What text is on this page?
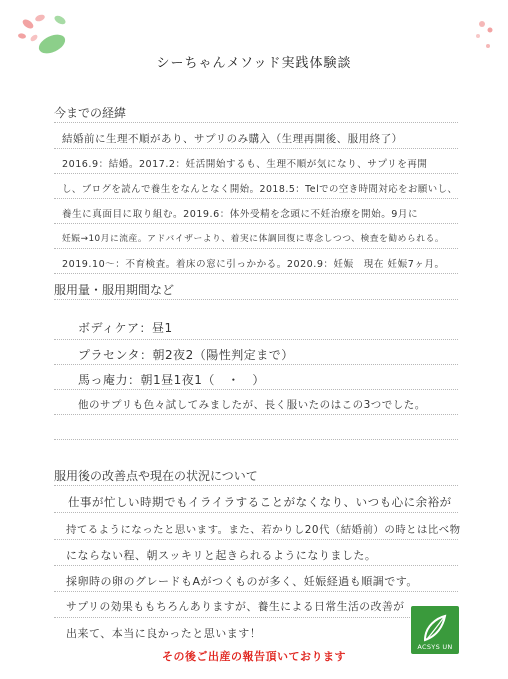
シーちゃんメソッド実践体験談

今までの経緯

結婚前に生理不順があり、サプリのみ購入（生理再開後、服用終了）
2016.9：結婚。2017.2：妊活開始するも、生理不順が気になり、サプリを再開
し、ブログを読んで養生をなんとなく開始。2018.5：Telでの空き時間対応をお願いし、
養生に真面目に取り組む。2019.6：体外受精を念頭に不妊治療を開始。9月に
妊娠→10月に流産。アドバイザーより、着実に体調回復に専念しつつ、検査を勧められる。
2019.10～：不育検査。着床の窓に引っかかる。2020.9：妊娠　現在 妊娠7ヶ月。

服用量・服用期間など

ボディケア：昼1
プラセンタ：朝2夜2（陽性判定まで）
馬っ庵力：朝1昼1夜1（　・　）
他のサプリも色々試してみましたが、長く服いたのはこの3つでした。

服用後の改善点や現在の状況について

仕事が忙しい時期でもイライラすることがなくなり、いつも心に余裕が
持てるようになったと思います。また、若かりし20代（結婚前）の時とは比べ物
にならない程、朝スッキリと起きられるようになりました。
採卵時の卵のグレードもAがつくものが多く、妊娠経過も順調です。
サプリの効果ももちろんありますが、養生による日常生活の改善が
出来て、本当に良かったと思います！
ACSYS UN
その後ご出産の報告頂いております
